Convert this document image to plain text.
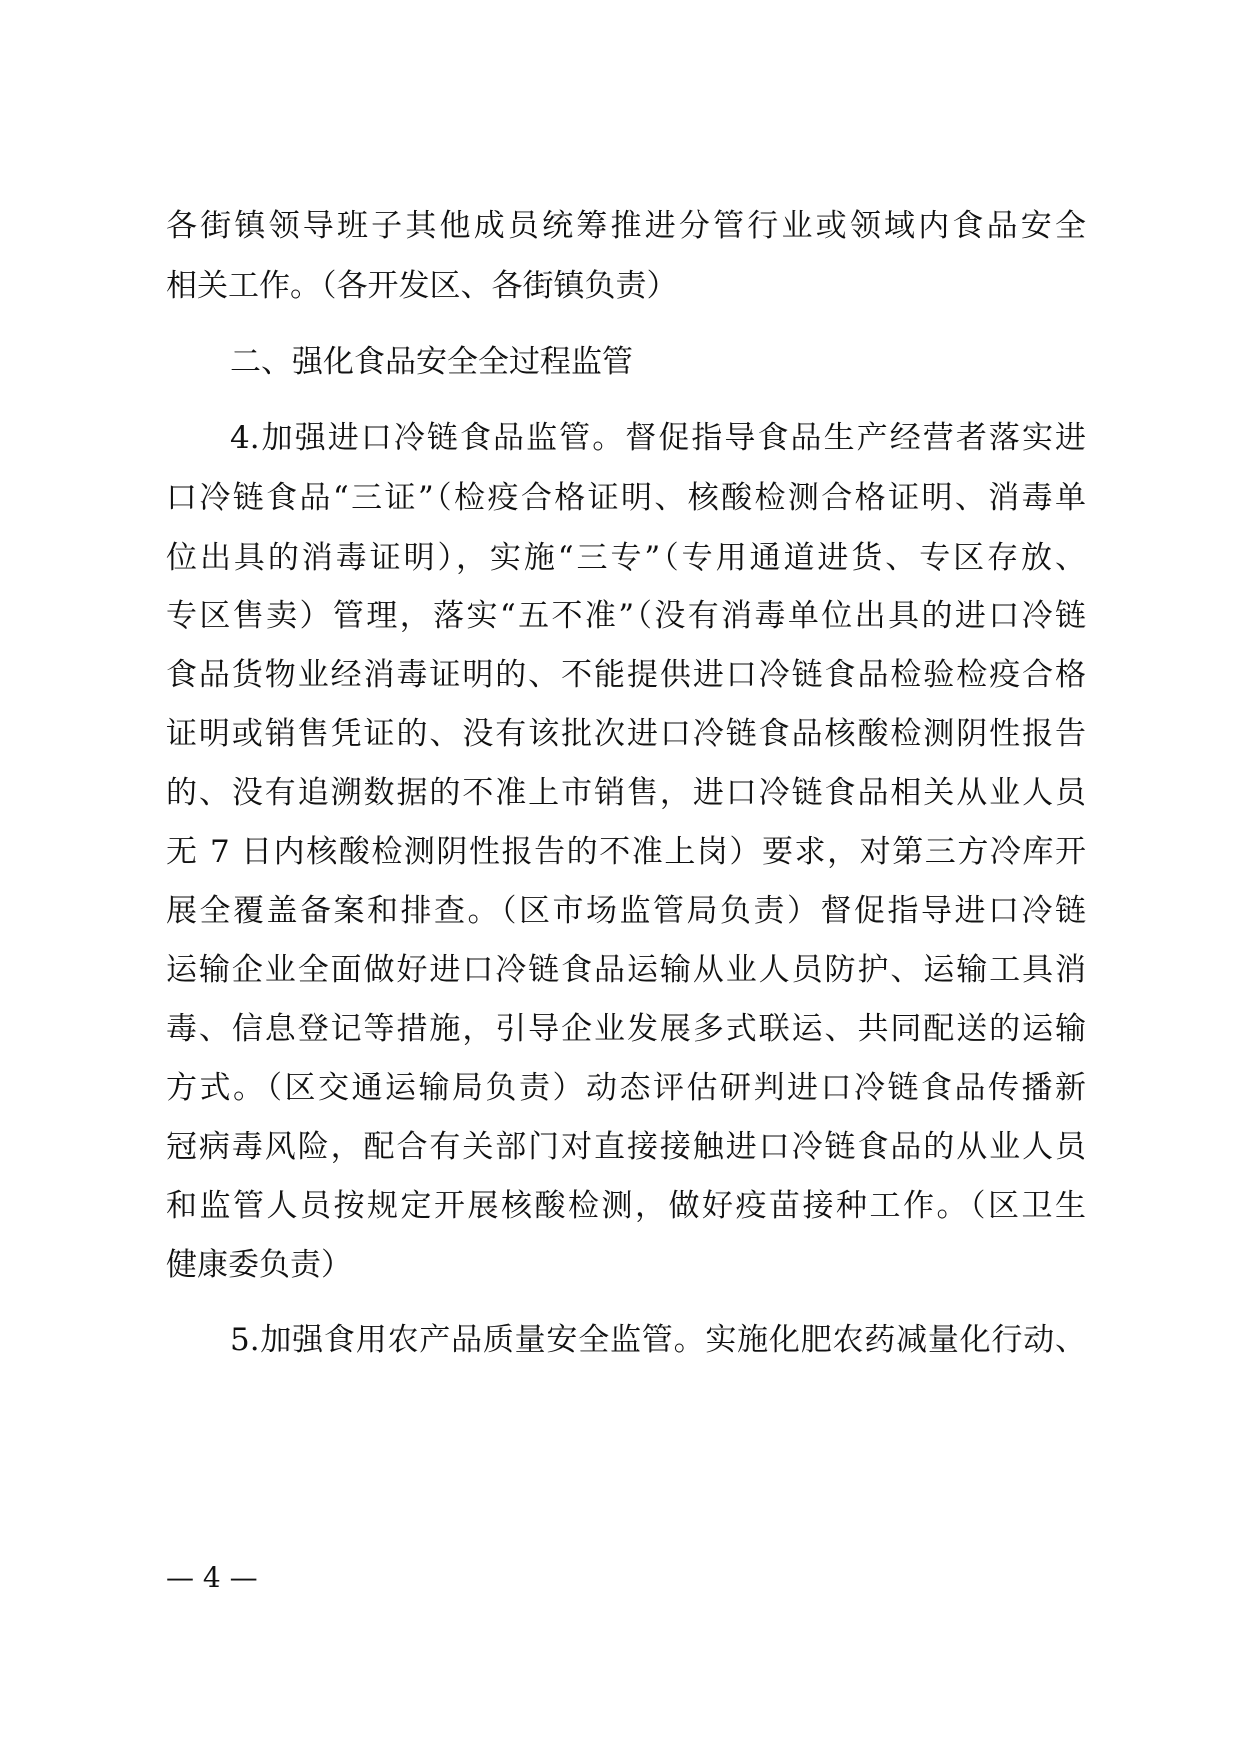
各街镇领导班子其他成员统筹推进分管行业或领域内食品安全
相关工作。（各开发区、各街镇负责）
二、强化食品安全全过程监管
4.加强进口冷链食品监管。督促指导食品生产经营者落实进
口冷链食品“三证”（检疫合格证明、核酸检测合格证明、消毒单
位出具的消毒证明），实施“三专”（专用通道进货、专区存放、
专区售卖）管理，落实“五不准”（没有消毒单位出具的进口冷链
食品货物业经消毒证明的、不能提供进口冷链食品检验检疫合格
证明或销售凭证的、没有该批次进口冷链食品核酸检测阴性报告
的、没有追溯数据的不准上市销售，进口冷链食品相关从业人员
无 7 日内核酸检测阴性报告的不准上岗）要求，对第三方冷库开
展全覆盖备案和排查。（区市场监管局负责）督促指导进口冷链
运输企业全面做好进口冷链食品运输从业人员防护、运输工具消
毒、信息登记等措施，引导企业发展多式联运、共同配送的运输
方式。（区交通运输局负责）动态评估研判进口冷链食品传播新
冠病毒风险，配合有关部门对直接接触进口冷链食品的从业人员
和监管人员按规定开展核酸检测，做好疫苗接种工作。（区卫生
健康委负责）
5.加强食用农产品质量安全监管。实施化肥农药减量化行动、
— 4 —
